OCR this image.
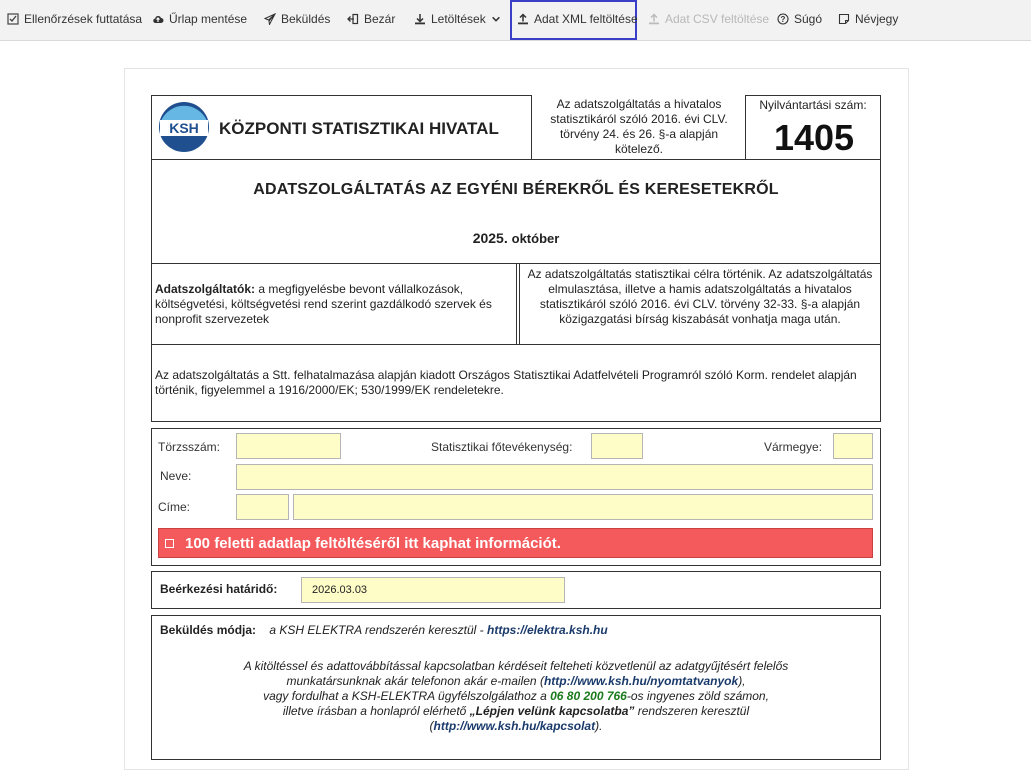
Ellenőrzések futtatása Űrlap mentése	Beküldés	Bezár	Letöltések	Adat XML feltöltése Adat CSV feltöltése ? Súgó	Névjegy
KSH KÖZPONTI STATISZTIKAI HIVATAL
Az adatszolgáltatás a hivatalos statisztikáról szóló 2016. évi CLV. törvény 24. és 26. §-a alapján kötelező.
Nyilvántartási szám:
1405
ADATSZOLGÁLTATÁS AZ EGYÉNI BÉREKRŐL ÉS KERESETEKRŐL
2025. október
Adatszolgáltatók: a megfigyelésbe bevont vállalkozások, költségvetési, költségvetési rend szerint gazdálkodó szervek és nonprofit szervezetek
Az adatszolgáltatás statisztikai célra történik. Az adatszolgáltatás elmulasztása, illetve a hamis adatszolgáltatás a hivatalos statisztikáról szóló 2016. évi CLV. törvény 32-33. §-a alapján közigazgatási bírság kiszabását vonhatja maga után.
Az adatszolgáltatás a Stt. felhatalmazása alapján kiadott Országos Statisztikai Adatfelvételi Programról szóló Korm. rendelet alapján történik, figyelemmel a 1916/2000/EK; 530/1999/EK rendeletekre.
Törzsszám:	Statisztikai főtevékenység:	Vármegye:
Neve:
Címe:
100 feletti adatlap feltöltéséről itt kaphat információt.
Beérkezési határidő:	2026.03.03
Beküldés módja: a KSH ELEKTRA rendszerén keresztül - https://elektra.ksh.hu
A kitöltéssel és adattovábbítással kapcsolatban kérdéseit felteheti közvetlenül az adatgyűjtésért felelős
munkatársunknak akár telefonon akár e-mailen (http://www.ksh.hu/nyomtatvanyok),
vagy fordulhat a KSH-ELEKTRA ügyfélszolgálathoz a 06 80 200 766-os ingyenes zöld számon,
illetve írásban a honlapról elérhető „Lépjen velünk kapcsolatba” rendszeren keresztül
(http://www.ksh.hu/kapcsolat).
